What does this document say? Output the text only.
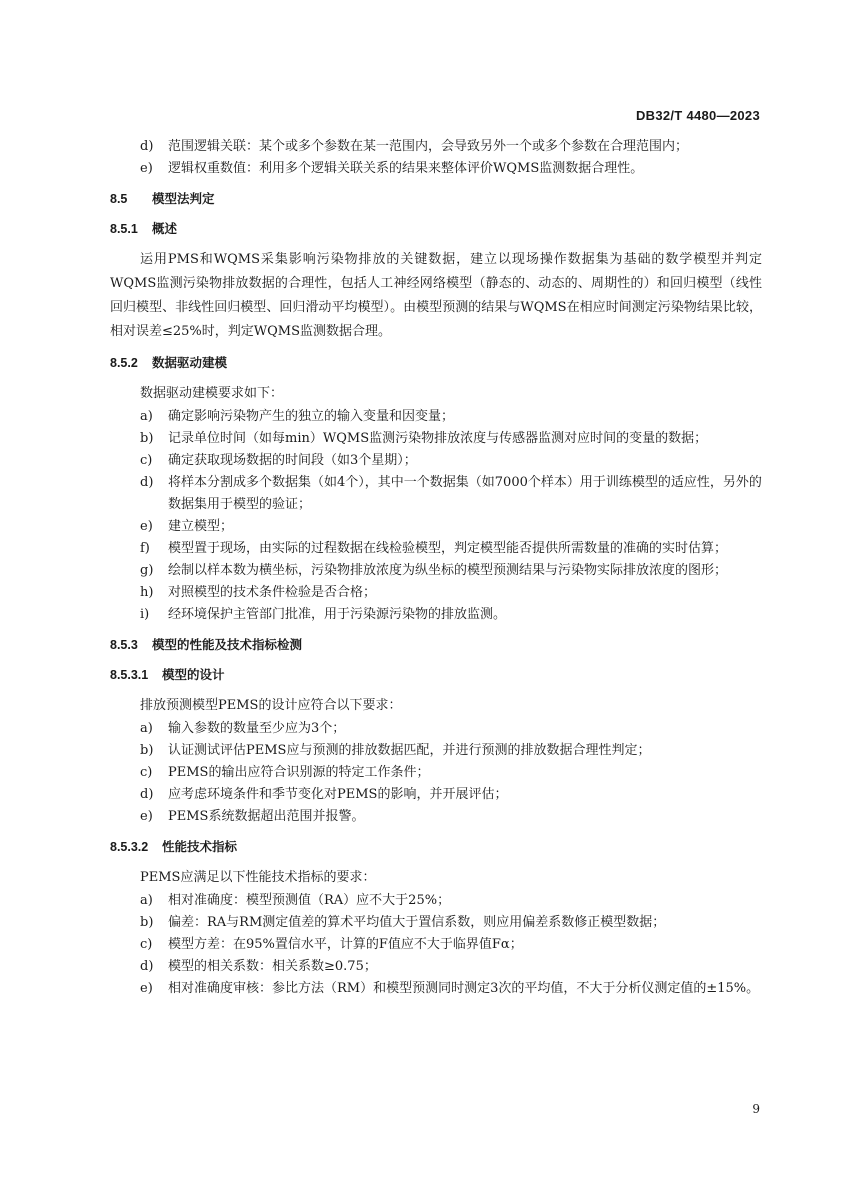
DB32/T 4480—2023

d) 范围逻辑关联：某个或多个参数在某一范围内，会导致另外一个或多个参数在合理范围内；

e) 逻辑权重数值：利用多个逻辑关联关系的结果来整体评价WQMS监测数据合理性。

8.5 模型法判定
8.5.1 概述

运用PMS和WQMS采集影响污染物排放的关键数据，建立以现场操作数据集为基础的数学模型并判定WQMS监测污染物排放数据的合理性，包括人工神经网络模型（静态的、动态的、周期性的）和回归模型（线性回归模型、非线性回归模型、回归滑动平均模型）。由模型预测的结果与WQMS在相应时间测定污染物结果比较，相对误差≤25%时，判定WQMS监测数据合理。

8.5.2 数据驱动建模

数据驱动建模要求如下：

a) 确定影响污染物产生的独立的输入变量和因变量；

b) 记录单位时间（如每min）WQMS监测污染物排放浓度与传感器监测对应时间的变量的数据；

c) 确定获取现场数据的时间段（如3个星期）；

d) 将样本分割成多个数据集（如4个），其中一个数据集（如7000个样本）用于训练模型的适应性，另外的数据集用于模型的验证；

e) 建立模型；

f) 模型置于现场，由实际的过程数据在线检验模型，判定模型能否提供所需数量的准确的实时估算；

g) 绘制以样本数为横坐标，污染物排放浓度为纵坐标的模型预测结果与污染物实际排放浓度的图形；

h) 对照模型的技术条件检验是否合格；

i) 经环境保护主管部门批准，用于污染源污染物的排放监测。

8.5.3 模型的性能及技术指标检测
8.5.3.1 模型的设计

排放预测模型PEMS的设计应符合以下要求：

a) 输入参数的数量至少应为3个；

b) 认证测试评估PEMS应与预测的排放数据匹配，并进行预测的排放数据合理性判定；

c) PEMS的输出应符合识别源的特定工作条件；

d) 应考虑环境条件和季节变化对PEMS的影响，并开展评估；

e) PEMS系统数据超出范围并报警。

8.5.3.2 性能技术指标

PEMS应满足以下性能技术指标的要求：

a) 相对准确度：模型预测值（RA）应不大于25%；

b) 偏差：RA与RM测定值差的算术平均值大于置信系数，则应用偏差系数修正模型数据；

c) 模型方差：在95%置信水平，计算的F值应不大于临界值Fα；

d) 模型的相关系数：相关系数≥0.75；

e) 相对准确度审核：参比方法（RM）和模型预测同时测定3次的平均值，不大于分析仪测定值的±15%。

9
